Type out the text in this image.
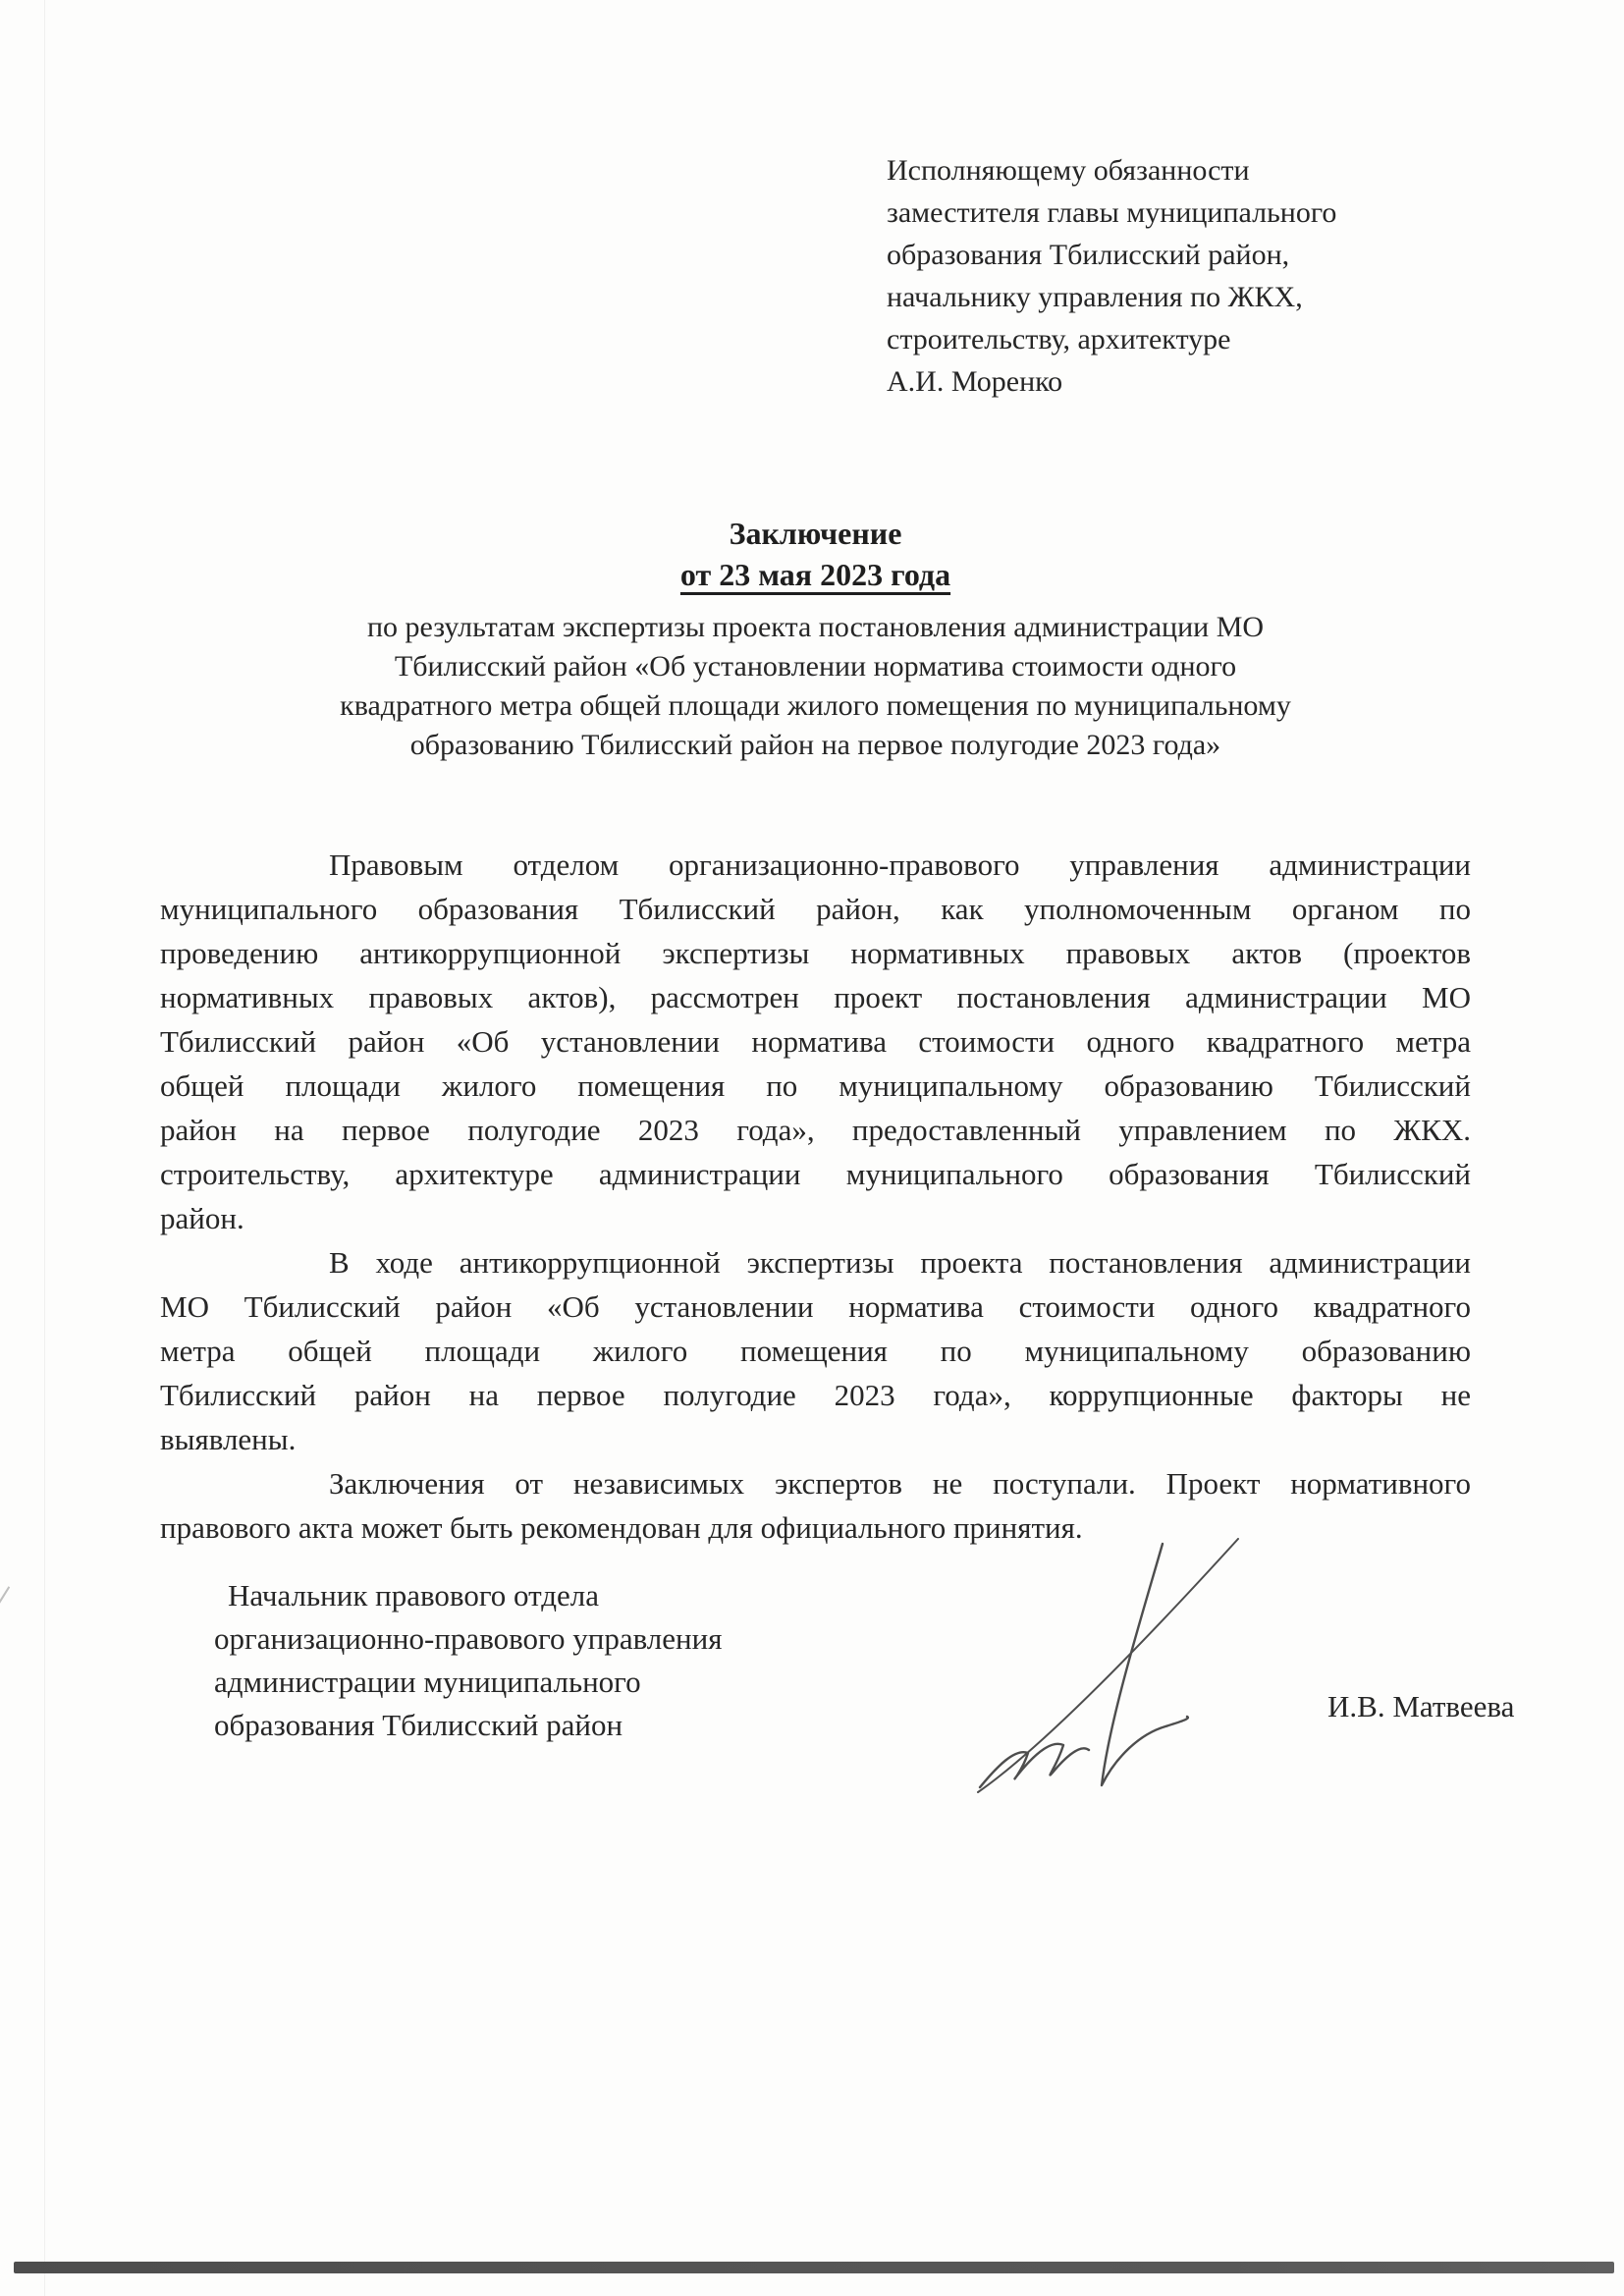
Исполняющему обязанности
заместителя главы муниципального
образования Тбилисский район,
начальнику управления по ЖКХ,
строительству, архитектуре
А.И. Моренко
Заключение
от 23 мая 2023 года
по результатам экспертизы проекта постановления администрации МО
Тбилисский район «Об установлении норматива стоимости одного
квадратного метра общей площади жилого помещения по муниципальному
образованию Тбилисский район на первое полугодие 2023 года»
Правовым отделом организационно-правового управления администрации
муниципального образования Тбилисский район, как уполномоченным органом по
проведению антикоррупционной экспертизы нормативных правовых актов (проектов
нормативных правовых актов), рассмотрен проект постановления администрации МО
Тбилисский район «Об установлении норматива стоимости одного квадратного метра
общей площади жилого помещения по муниципальному образованию Тбилисский
район на первое полугодие 2023 года», предоставленный управлением по ЖКХ.
строительству, архитектуре администрации муниципального образования Тбилисский
район.
В ходе антикоррупционной экспертизы проекта постановления администрации
МО Тбилисский район «Об установлении норматива стоимости одного квадратного
метра общей площади жилого помещения по муниципальному образованию
Тбилисский район на первое полугодие 2023 года», коррупционные факторы не
выявлены.
Заключения от независимых экспертов не поступали. Проект нормативного
правового акта может быть рекомендован для официального принятия.
Начальник правового отдела
организационно-правового управления
администрации муниципального
образования Тбилисский район
И.В. Матвеева
